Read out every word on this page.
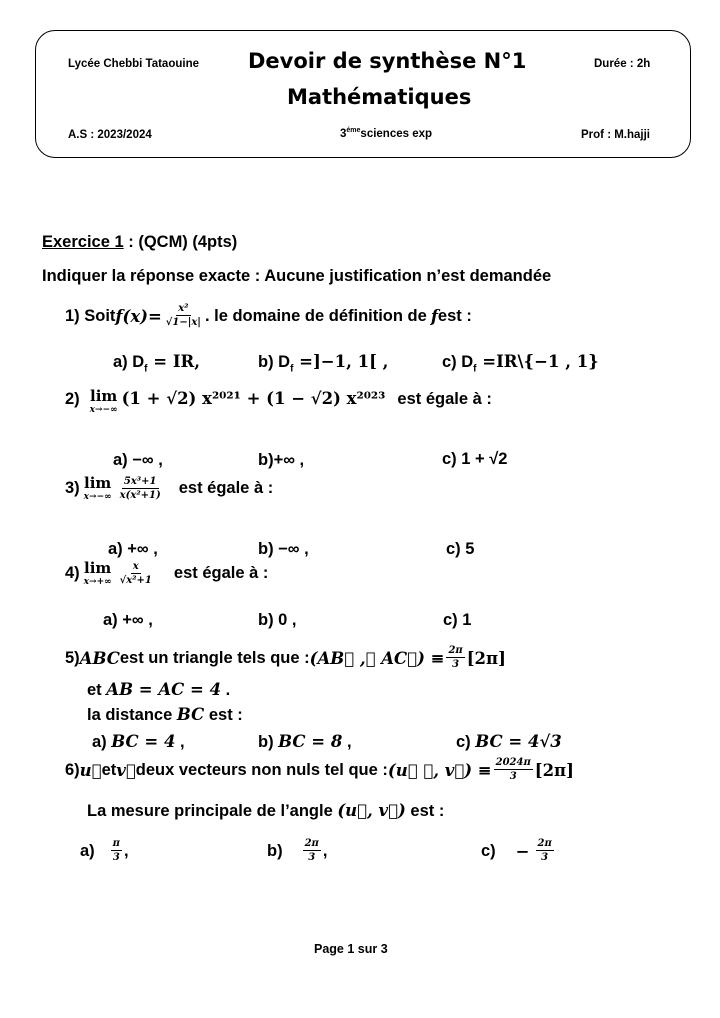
Lycée Chebbi Tataouine Devoir de synthèse N°1	Durée : 2h
Mathématiques
A.S : 2023/2024	$3^{éme}sciences$ exp	Prof : M.hajji
Exercice 1 : (QCM) (4pts)
Indiquer la réponse exacte : Aucune justification n’est demandée
1) Soit $f(x)= \frac{\text{x²}}{√1-|x|}$ . le domaine de définition de f est :
a) $D_f$ = IR,	b) $D_f =]-1$, 1[ ,	c) $D_f$ =IR\{−1 , 1}
2) lim
x→−∞
(1 + √2) x²⁰²¹ + (1 − √2) x²⁰²³ est égale à :
a) −∞ ,	b)+∞ ,	c) 1 + √2
3) lim
$x\to-\infty \frac{\text{5x³+1}}{\text{x(x²+1)}}$ est égale à :
a) +∞ ,	b) −∞ ,	c) 5
4) lim
$x\to+\infty \frac{x}{\text{√x²+1}}$ est égale à :
a) +∞ ,	b) 0 ,	c) 1
5) ABC est un triangle tels que : (AB⃗ ,⌒ AC⃗) ≡ $\frac{2\pi}{3} [2\pi]$
et AB = AC = 4 .
la distance BC est :
a) BC = 4 ,	b) BC = 8 ,	c) BC = 4√3
6) u⃗ et v⃗ deux vecteurs non nuls tel que : (u⃗ ⌒, v⃗) ≡ $\frac{2024\pi}{3} [2\pi]$
La mesure principale de l’angle (u⃗, v⃗) est :
$a) \frac{\pi}{3}$ ,	$b) \frac{2\pi}{3}$ ,	$c) - \frac{2\pi}{3}$
Page 1 sur 3
